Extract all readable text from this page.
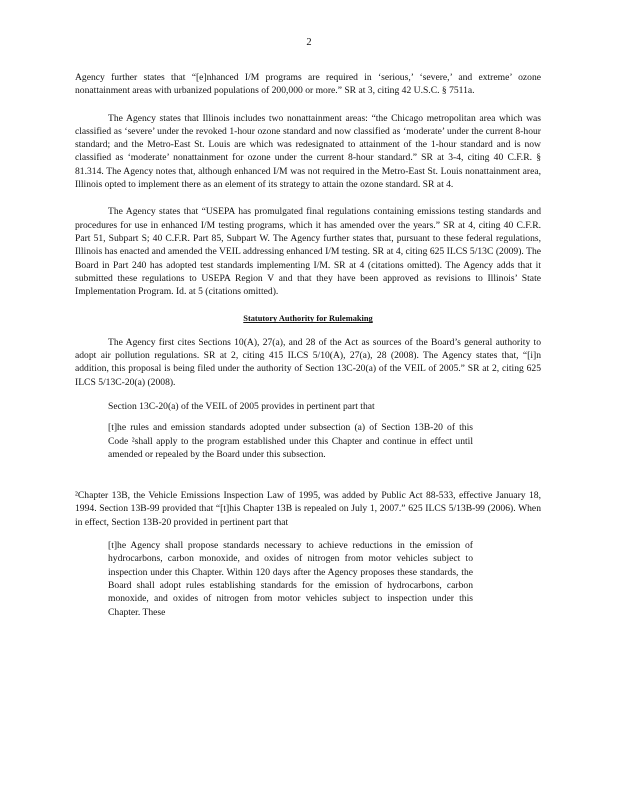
2

Agency further states that “[e]nhanced I/M programs are required in ‘serious,’ ‘severe,’ and extreme’ ozone nonattainment areas with urbanized populations of 200,000 or more.” SR at 3, citing 42 U.S.C. § 7511a.

The Agency states that Illinois includes two nonattainment areas: “the Chicago metropolitan area which was classified as ‘severe’ under the revoked 1-hour ozone standard and now classified as ‘moderate’ under the current 8-hour standard; and the Metro-East St. Louis are which was redesignated to attainment of the 1-hour standard and is now classified as ‘moderate’ nonattainment for ozone under the current 8-hour standard.” SR at 3-4, citing 40 C.F.R. § 81.314. The Agency notes that, although enhanced I/M was not required in the Metro-East St. Louis nonattainment area, Illinois opted to implement there as an element of its strategy to attain the ozone standard. SR at 4.

The Agency states that “USEPA has promulgated final regulations containing emissions testing standards and procedures for use in enhanced I/M testing programs, which it has amended over the years.” SR at 4, citing 40 C.F.R. Part 51, Subpart S; 40 C.F.R. Part 85, Subpart W. The Agency further states that, pursuant to these federal regulations, Illinois has enacted and amended the VEIL addressing enhanced I/M testing. SR at 4, citing 625 ILCS 5/13C (2009). The Board in Part 240 has adopted test standards implementing I/M. SR at 4 (citations omitted). The Agency adds that it submitted these regulations to USEPA Region V and that they have been approved as revisions to Illinois’ State Implementation Program. Id. at 5 (citations omitted).

Statutory Authority for Rulemaking

The Agency first cites Sections 10(A), 27(a), and 28 of the Act as sources of the Board’s general authority to adopt air pollution regulations. SR at 2, citing 415 ILCS 5/10(A), 27(a), 28 (2008). The Agency states that, “[i]n addition, this proposal is being filed under the authority of Section 13C-20(a) of the VEIL of 2005.” SR at 2, citing 625 ILCS 5/13C-20(a) (2008).

Section 13C-20(a) of the VEIL of 2005 provides in pertinent part that

[t]he rules and emission standards adopted under subsection (a) of Section 13B-20 of this Code ²shall apply to the program established under this Chapter and continue in effect until amended or repealed by the Board under this subsection.

²Chapter 13B, the Vehicle Emissions Inspection Law of 1995, was added by Public Act 88-533, effective January 18, 1994. Section 13B-99 provided that “[t]his Chapter 13B is repealed on July 1, 2007.” 625 ILCS 5/13B-99 (2006). When in effect, Section 13B-20 provided in pertinent part that

[t]he Agency shall propose standards necessary to achieve reductions in the emission of hydrocarbons, carbon monoxide, and oxides of nitrogen from motor vehicles subject to inspection under this Chapter. Within 120 days after the Agency proposes these standards, the Board shall adopt rules establishing standards for the emission of hydrocarbons, carbon monoxide, and oxides of nitrogen from motor vehicles subject to inspection under this Chapter. These
